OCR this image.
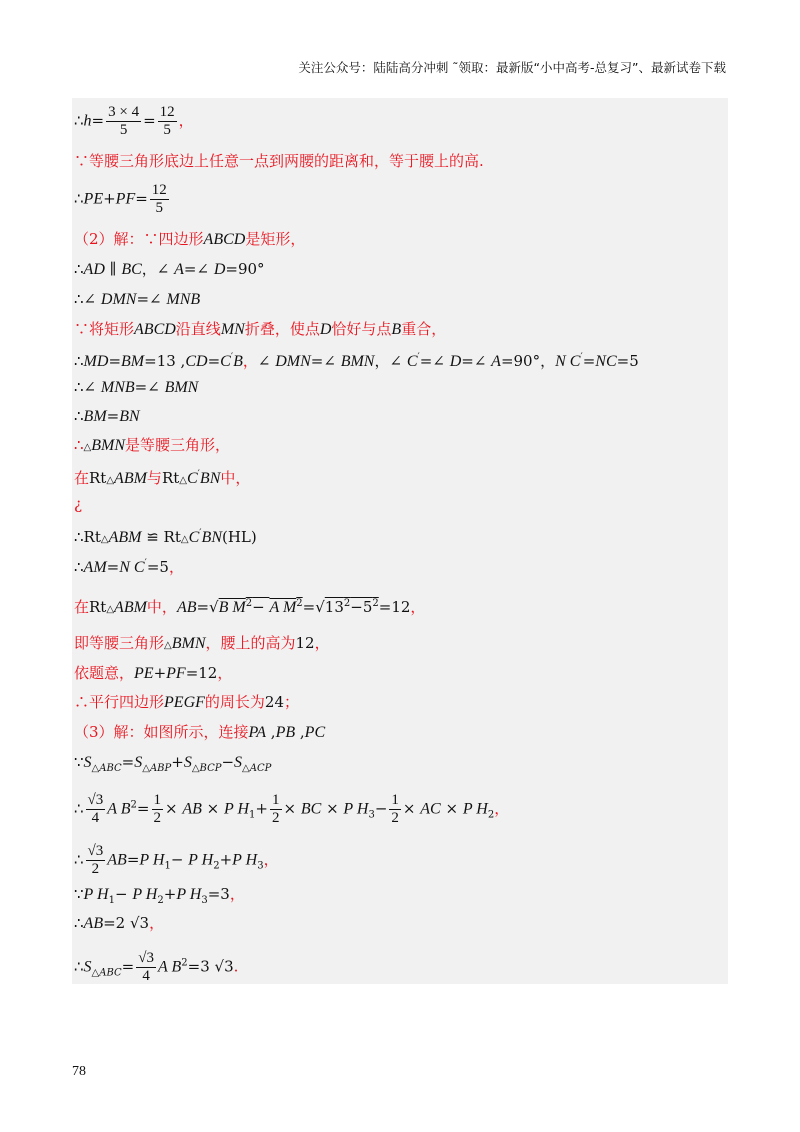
关注公众号：陆陆高分冲刺 ˜领取：最新版“小中高考-总复习”、最新试卷下载
∴h= $\frac{3 \times 4}{5} = \frac{12}{5}$ ，
∵等腰三角形底边上任意一点到两腰的距离和，等于腰上的高.
∴PE+PF= $\frac{12}{5}$
（2）解：∵四边形ABCD是矩形，
∴AD ∥ BC，∠ A=∠ D=90°
∴∠ DMN=∠ MNB
∵将矩形ABCD沿直线MN折叠，使点D恰好与点B重合，
∴MD=BM=13 ,CD=C′B，∠ DMN=∠ BMN，∠ C′=∠ D=∠ A=90°，N C′=NC=5
∴∠ MNB=∠ BMN
∴BM=BN
∴△BMN是等腰三角形，
在Rt△ABM与Rt△C′BN中，
¿
∴Rt△ABM ≌ Rt△C′BN(HL)
∴AM=N C′=5，
在Rt△ABM中，AB=√B $M^2- A$ $M^2=√13^2-5^2=12$，
即等腰三角形△BMN，腰上的高为12，
依题意，PE+PF=12，
∴平行四边形PEGF的周长为24；
（3）解：如图所示，连接PA ,PB ,PC
$\because S_{\triangle ABC}=S_{\triangle ABP}+S_{\triangle BCP}-S_{\triangle ACP}$
∴ $\frac{√3}{4}$ A $B^2= \frac{1}{2}$ × AB × P $H_1+ \frac{1}{2}$ × BC × P $H_3- \frac{1}{2}$ × AC × P $H_2$，
∴ $\frac{√3}{2} AB=P$ $H_1- P$ $H_2+P$ $H_3$，
∵P $H_1- P$ $H_2+P$ $H_3=3$，
∴AB=2 √3，
$\therefore S_{\triangle ABC}= \frac{√3}{4}$ A $B^2=3$ √3.
78
